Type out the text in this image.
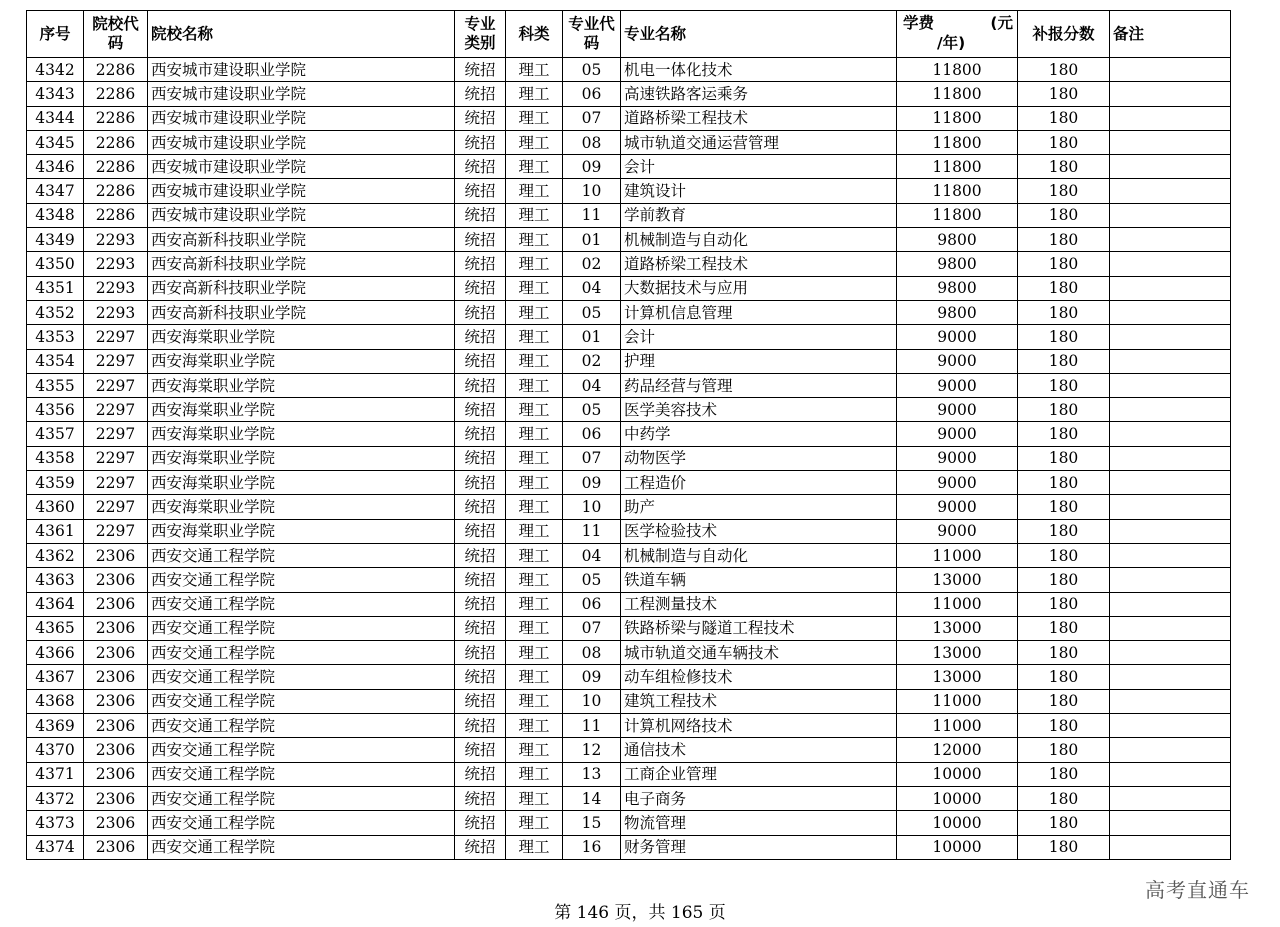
序号	院校代码	院校名称	专业类别	科类	专业代码	专业名称	学费 (元
/年)	补报分数	备注
4342	2286	西安城市建设职业学院	统招	理工	05	机电一体化技术	11800	180	
4343	2286	西安城市建设职业学院	统招	理工	06	高速铁路客运乘务	11800	180	
4344	2286	西安城市建设职业学院	统招	理工	07	道路桥梁工程技术	11800	180	
4345	2286	西安城市建设职业学院	统招	理工	08	城市轨道交通运营管理	11800	180	
4346	2286	西安城市建设职业学院	统招	理工	09	会计	11800	180	
4347	2286	西安城市建设职业学院	统招	理工	10	建筑设计	11800	180	
4348	2286	西安城市建设职业学院	统招	理工	11	学前教育	11800	180	
4349	2293	西安高新科技职业学院	统招	理工	01	机械制造与自动化	9800	180	
4350	2293	西安高新科技职业学院	统招	理工	02	道路桥梁工程技术	9800	180	
4351	2293	西安高新科技职业学院	统招	理工	04	大数据技术与应用	9800	180	
4352	2293	西安高新科技职业学院	统招	理工	05	计算机信息管理	9800	180	
4353	2297	西安海棠职业学院	统招	理工	01	会计	9000	180	
4354	2297	西安海棠职业学院	统招	理工	02	护理	9000	180	
4355	2297	西安海棠职业学院	统招	理工	04	药品经营与管理	9000	180	
4356	2297	西安海棠职业学院	统招	理工	05	医学美容技术	9000	180	
4357	2297	西安海棠职业学院	统招	理工	06	中药学	9000	180	
4358	2297	西安海棠职业学院	统招	理工	07	动物医学	9000	180	
4359	2297	西安海棠职业学院	统招	理工	09	工程造价	9000	180	
4360	2297	西安海棠职业学院	统招	理工	10	助产	9000	180	
4361	2297	西安海棠职业学院	统招	理工	11	医学检验技术	9000	180	
4362	2306	西安交通工程学院	统招	理工	04	机械制造与自动化	11000	180	
4363	2306	西安交通工程学院	统招	理工	05	铁道车辆	13000	180	
4364	2306	西安交通工程学院	统招	理工	06	工程测量技术	11000	180	
4365	2306	西安交通工程学院	统招	理工	07	铁路桥梁与隧道工程技术	13000	180	
4366	2306	西安交通工程学院	统招	理工	08	城市轨道交通车辆技术	13000	180	
4367	2306	西安交通工程学院	统招	理工	09	动车组检修技术	13000	180	
4368	2306	西安交通工程学院	统招	理工	10	建筑工程技术	11000	180	
4369	2306	西安交通工程学院	统招	理工	11	计算机网络技术	11000	180	
4370	2306	西安交通工程学院	统招	理工	12	通信技术	12000	180	
4371	2306	西安交通工程学院	统招	理工	13	工商企业管理	10000	180	
4372	2306	西安交通工程学院	统招	理工	14	电子商务	10000	180	
4373	2306	西安交通工程学院	统招	理工	15	物流管理	10000	180	
4374	2306	西安交通工程学院	统招	理工	16	财务管理	10000	180	
高考直通车
第 146 页，共 165 页
